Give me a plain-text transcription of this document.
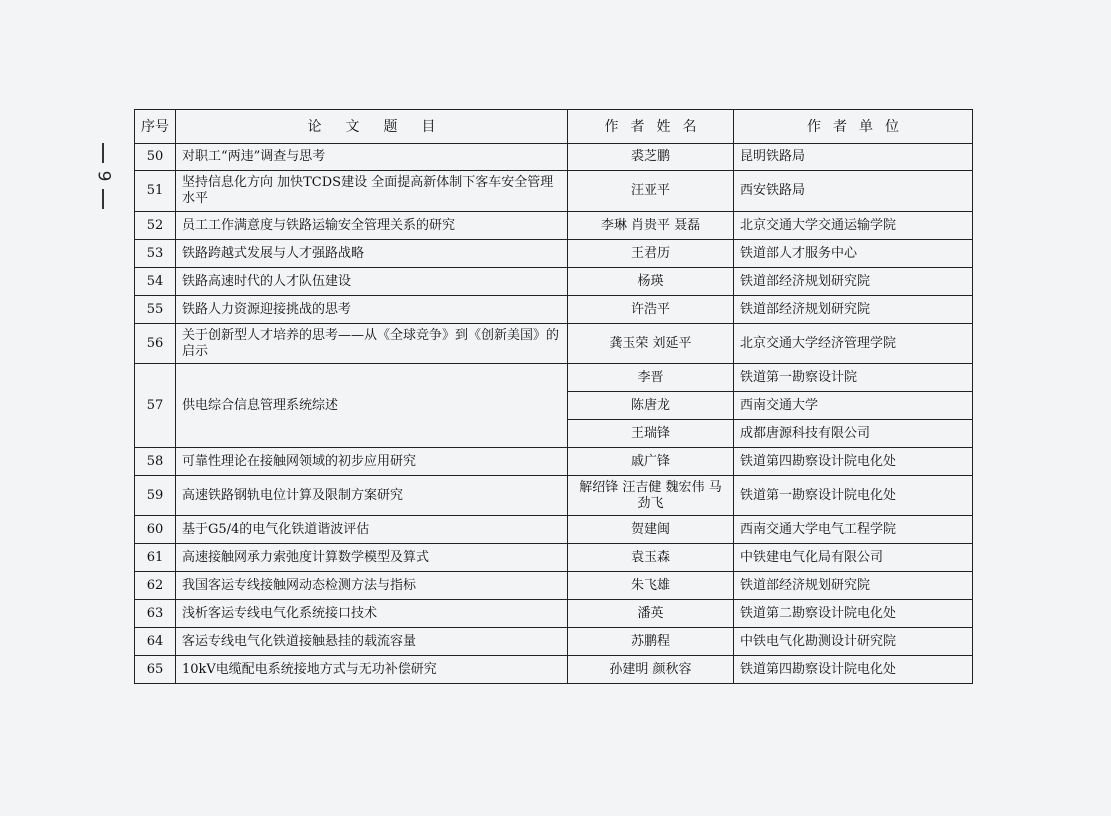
9
序号	论文题目	作者姓名	作者单位
50	对职工“两违”调查与思考	裘芝鹏	昆明铁路局
51	坚持信息化方向 加快TCDS建设 全面提高新体制下客车安全管理水平	汪亚平	西安铁路局
52	员工工作满意度与铁路运输安全管理关系的研究	李琳 肖贵平 聂磊	北京交通大学交通运输学院
53	铁路跨越式发展与人才强路战略	王君历	铁道部人才服务中心
54	铁路高速时代的人才队伍建设	杨瑛	铁道部经济规划研究院
55	铁路人力资源迎接挑战的思考	许浩平	铁道部经济规划研究院
56	关于创新型人才培养的思考——从《全球竞争》到《创新美国》的启示	龚玉荣 刘延平	北京交通大学经济管理学院
57	供电综合信息管理系统综述	李晋	铁道第一勘察设计院
		陈唐龙	西南交通大学
		王瑞锋	成都唐源科技有限公司
58	可靠性理论在接触网领域的初步应用研究	戚广锋	铁道第四勘察设计院电化处
59	高速铁路钢轨电位计算及限制方案研究	解绍锋 汪吉健 魏宏伟 马劲飞	铁道第一勘察设计院电化处
60	基于G5/4的电气化铁道谐波评估	贺建闽	西南交通大学电气工程学院
61	高速接触网承力索弛度计算数学模型及算式	袁玉森	中铁建电气化局有限公司
62	我国客运专线接触网动态检测方法与指标	朱飞雄	铁道部经济规划研究院
63	浅析客运专线电气化系统接口技术	潘英	铁道第二勘察设计院电化处
64	客运专线电气化铁道接触悬挂的载流容量	苏鹏程	中铁电气化勘测设计研究院
65	10kV电缆配电系统接地方式与无功补偿研究	孙建明 颜秋容	铁道第四勘察设计院电化处
